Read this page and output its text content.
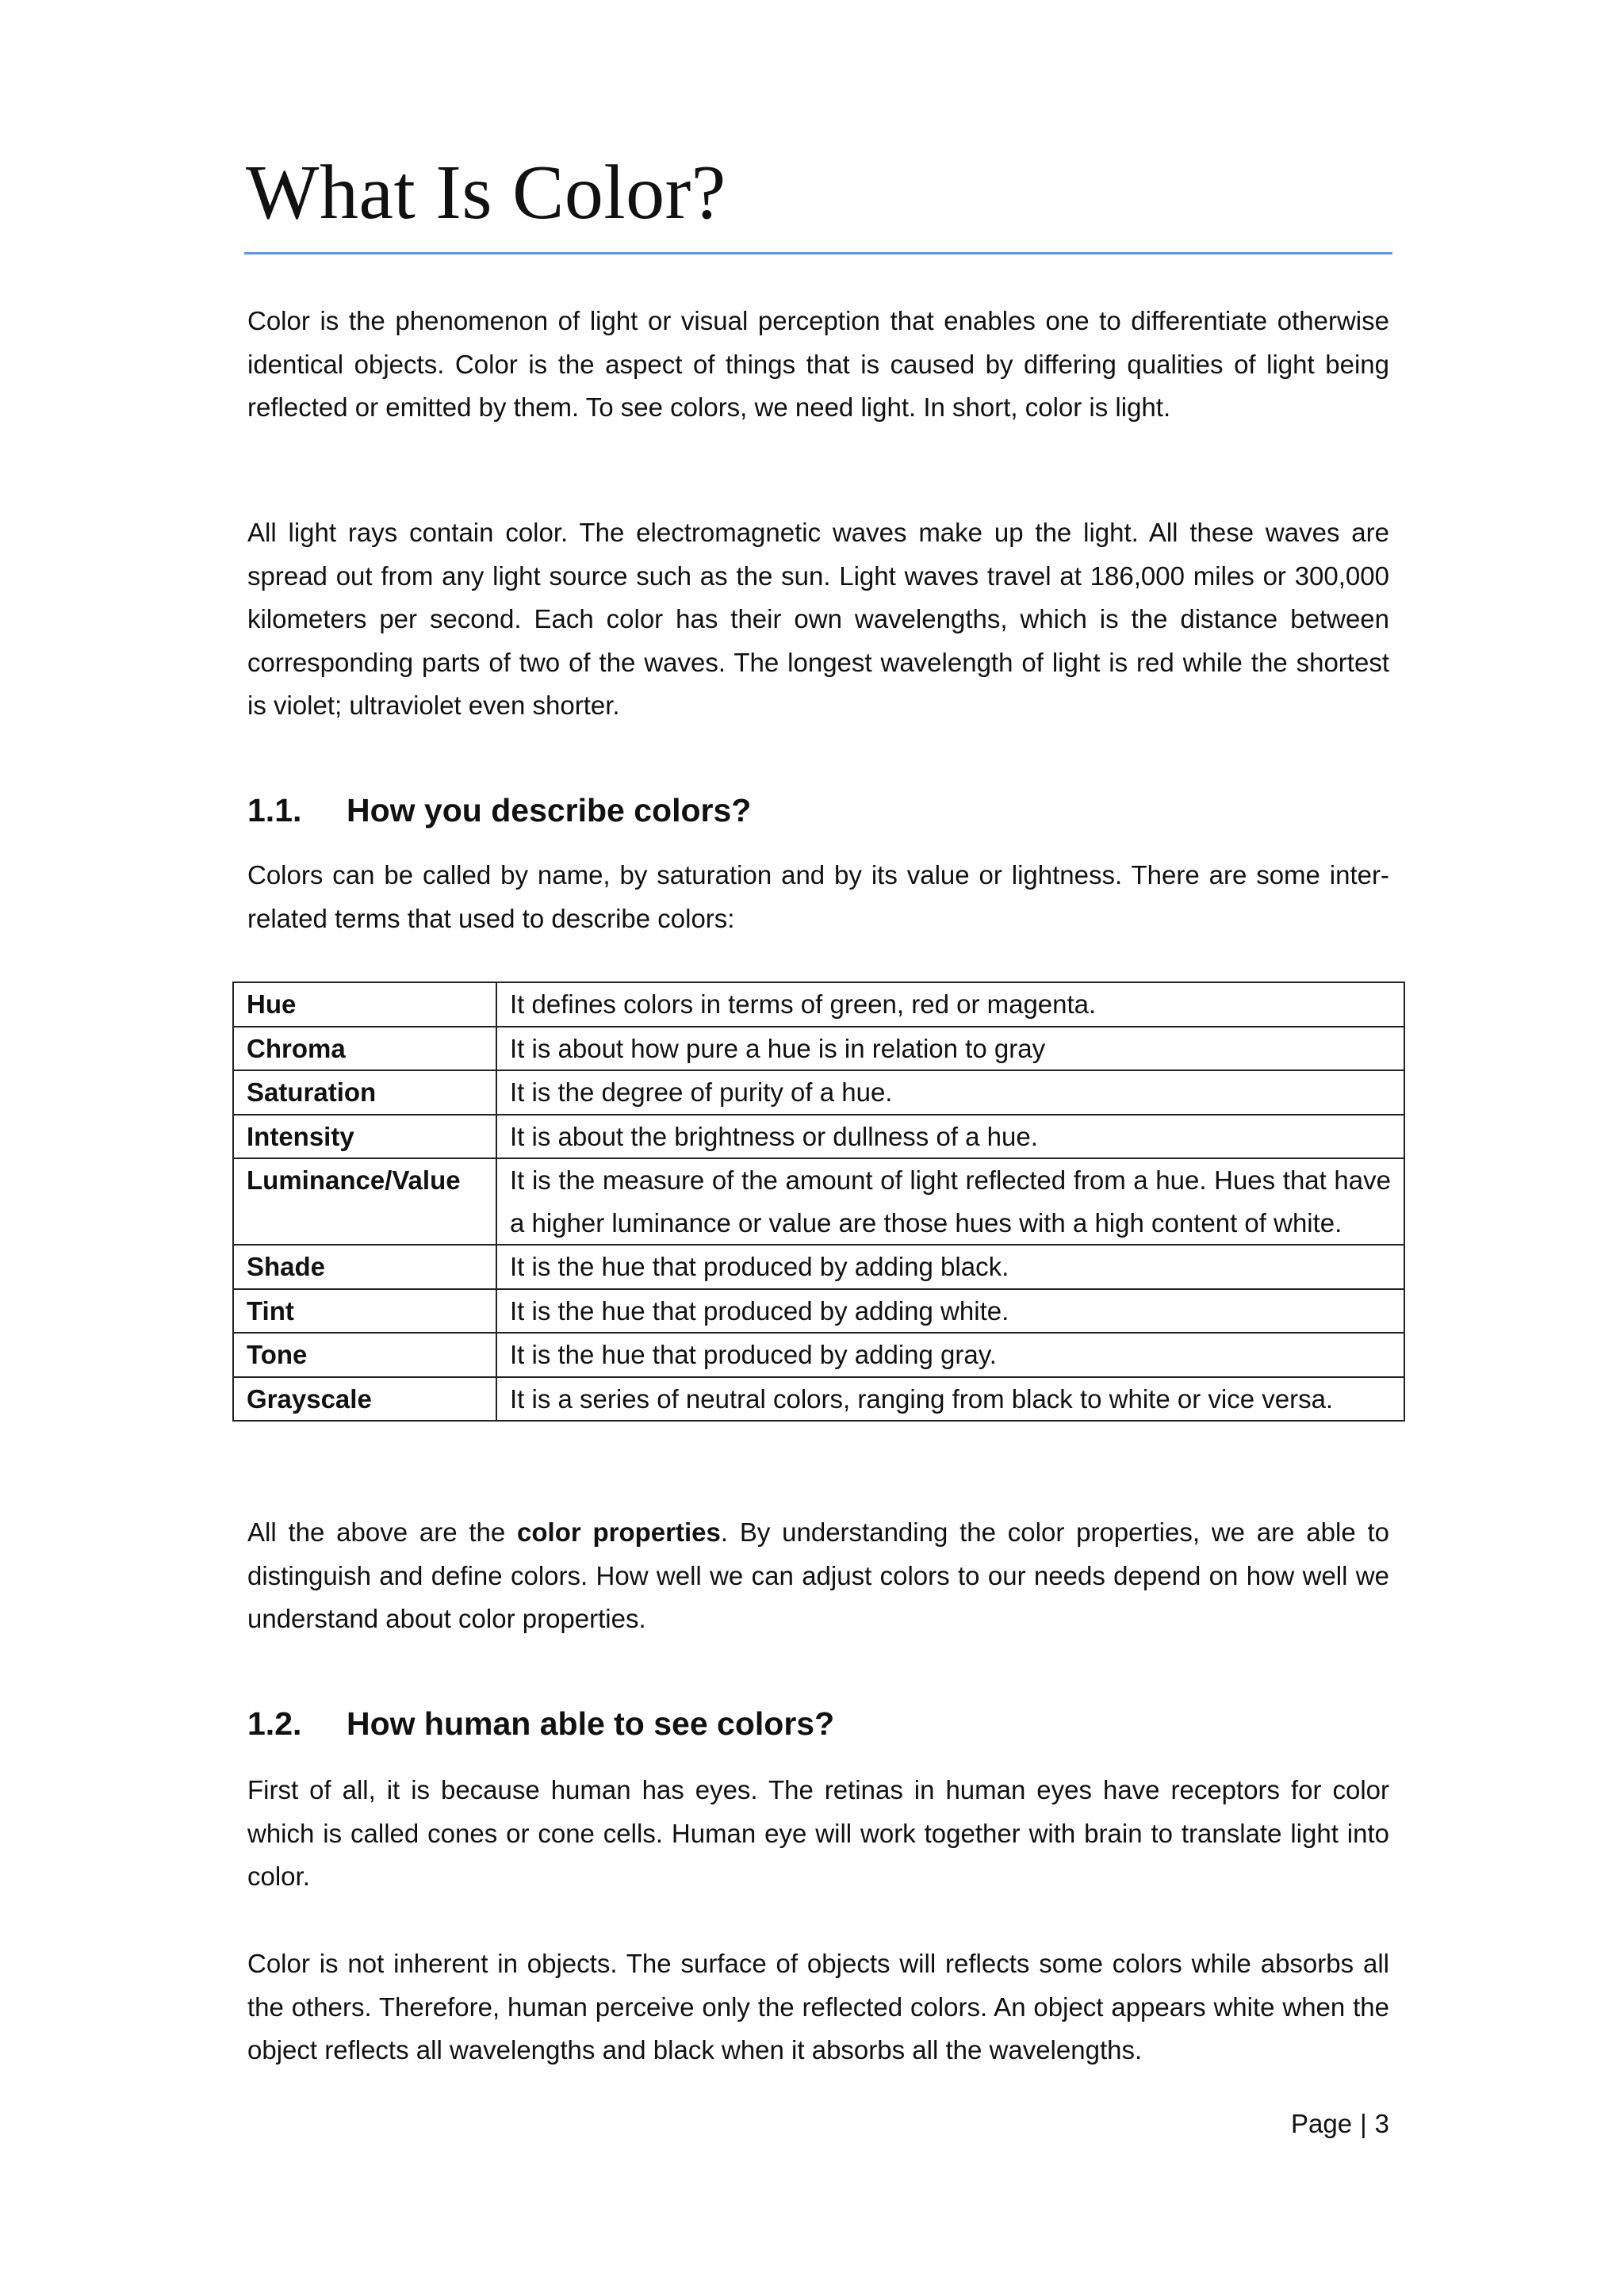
What Is Color?

Color is the phenomenon of light or visual perception that enables one to differentiate otherwise identical objects. Color is the aspect of things that is caused by differing qualities of light being reflected or emitted by them. To see colors, we need light. In short, color is light.

All light rays contain color. The electromagnetic waves make up the light. All these waves are spread out from any light source such as the sun. Light waves travel at 186,000 miles or 300,000 kilometers per second. Each color has their own wavelengths, which is the distance between corresponding parts of two of the waves. The longest wavelength of light is red while the shortest is violet; ultraviolet even shorter.

1.1. How you describe colors?

Colors can be called by name, by saturation and by its value or lightness. There are some inter-related terms that used to describe colors:

Hue	It defines colors in terms of green, red or magenta.
Chroma	It is about how pure a hue is in relation to gray
Saturation	It is the degree of purity of a hue.
Intensity	It is about the brightness or dullness of a hue.
Luminance/Value	It is the measure of the amount of light reflected from a hue. Hues that have a higher luminance or value are those hues with a high content of white.
Shade	It is the hue that produced by adding black.
Tint	It is the hue that produced by adding white.
Tone	It is the hue that produced by adding gray.
Grayscale	It is a series of neutral colors, ranging from black to white or vice versa.

All the above are the color properties. By understanding the color properties, we are able to distinguish and define colors. How well we can adjust colors to our needs depend on how well we understand about color properties.

1.2. How human able to see colors?

First of all, it is because human has eyes. The retinas in human eyes have receptors for color which is called cones or cone cells. Human eye will work together with brain to translate light into color.

Color is not inherent in objects. The surface of objects will reflects some colors while absorbs all the others. Therefore, human perceive only the reflected colors. An object appears white when the object reflects all wavelengths and black when it absorbs all the wavelengths.

Page | 3
